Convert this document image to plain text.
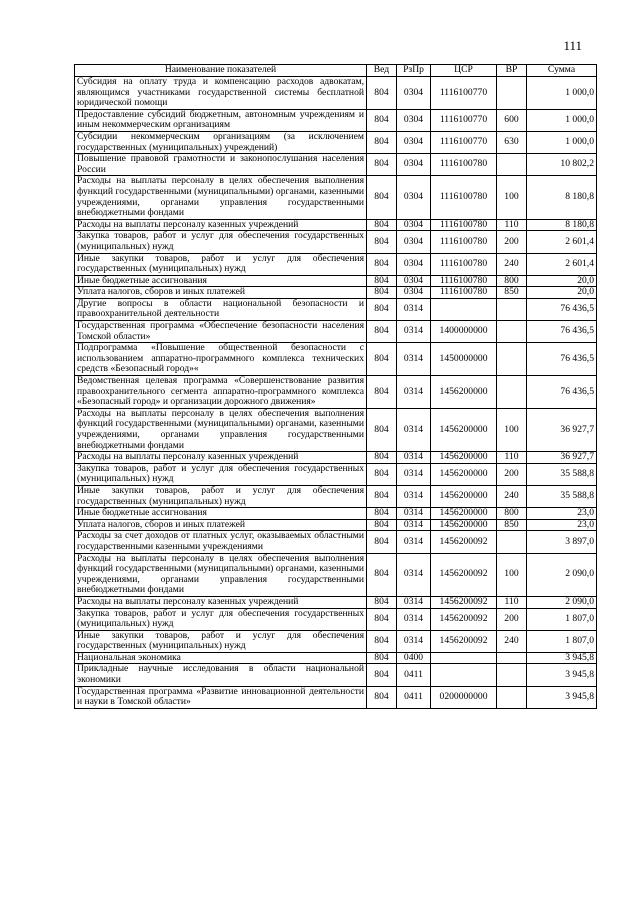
111
Наименование показателей	Вед	РзПр	ЦСР	ВР	Сумма
Субсидия на оплату труда и компенсацию расходов адвокатам, являющимся участниками государственной системы бесплатной юридической помощи	804	0304	1116100770		1 000,0
Предоставление субсидий бюджетным, автономным учреждениям и иным некоммерческим организациям	804	0304	1116100770	600	1 000,0
Субсидии некоммерческим организациям (за исключением государственных (муниципальных) учреждений)	804	0304	1116100770	630	1 000,0
Повышение правовой грамотности и законопослушания населения России	804	0304	1116100780		10 802,2
Расходы на выплаты персоналу в целях обеспечения выполнения функций государственными (муниципальными) органами, казенными учреждениями, органами управления государственными внебюджетными фондами	804	0304	1116100780	100	8 180,8
Расходы на выплаты персоналу казенных учреждений	804	0304	1116100780	110	8 180,8
Закупка товаров, работ и услуг для обеспечения государственных (муниципальных) нужд	804	0304	1116100780	200	2 601,4
Иные закупки товаров, работ и услуг для обеспечения государственных (муниципальных) нужд	804	0304	1116100780	240	2 601,4
Иные бюджетные ассигнования	804	0304	1116100780	800	20,0
Уплата налогов, сборов и иных платежей	804	0304	1116100780	850	20,0
Другие вопросы в области национальной безопасности и правоохранительной деятельности	804	0314			76 436,5
Государственная программа «Обеспечение безопасности населения Томской области»	804	0314	1400000000		76 436,5
Подпрограмма «Повышение общественной безопасности с использованием аппаратно-программного комплекса технических средств «Безопасный город»«	804	0314	1450000000		76 436,5
Ведомственная целевая программа «Совершенствование развития правоохранительного сегмента аппаратно-программного комплекса «Безопасный город» и организации дорожного движения»	804	0314	1456200000		76 436,5
Расходы на выплаты персоналу в целях обеспечения выполнения функций государственными (муниципальными) органами, казенными учреждениями, органами управления государственными внебюджетными фондами	804	0314	1456200000	100	36 927,7
Расходы на выплаты персоналу казенных учреждений	804	0314	1456200000	110	36 927,7
Закупка товаров, работ и услуг для обеспечения государственных (муниципальных) нужд	804	0314	1456200000	200	35 588,8
Иные закупки товаров, работ и услуг для обеспечения государственных (муниципальных) нужд	804	0314	1456200000	240	35 588,8
Иные бюджетные ассигнования	804	0314	1456200000	800	23,0
Уплата налогов, сборов и иных платежей	804	0314	1456200000	850	23,0
Расходы за счет доходов от платных услуг, оказываемых областными государственными казенными учреждениями	804	0314	1456200092		3 897,0
Расходы на выплаты персоналу в целях обеспечения выполнения функций государственными (муниципальными) органами, казенными учреждениями, органами управления государственными внебюджетными фондами	804	0314	1456200092	100	2 090,0
Расходы на выплаты персоналу казенных учреждений	804	0314	1456200092	110	2 090,0
Закупка товаров, работ и услуг для обеспечения государственных (муниципальных) нужд	804	0314	1456200092	200	1 807,0
Иные закупки товаров, работ и услуг для обеспечения государственных (муниципальных) нужд	804	0314	1456200092	240	1 807,0
Национальная экономика	804	0400			3 945,8
Прикладные научные исследования в области национальной экономики	804	0411			3 945,8
Государственная программа «Развитие инновационной деятельности и науки в Томской области»	804	0411	0200000000		3 945,8
